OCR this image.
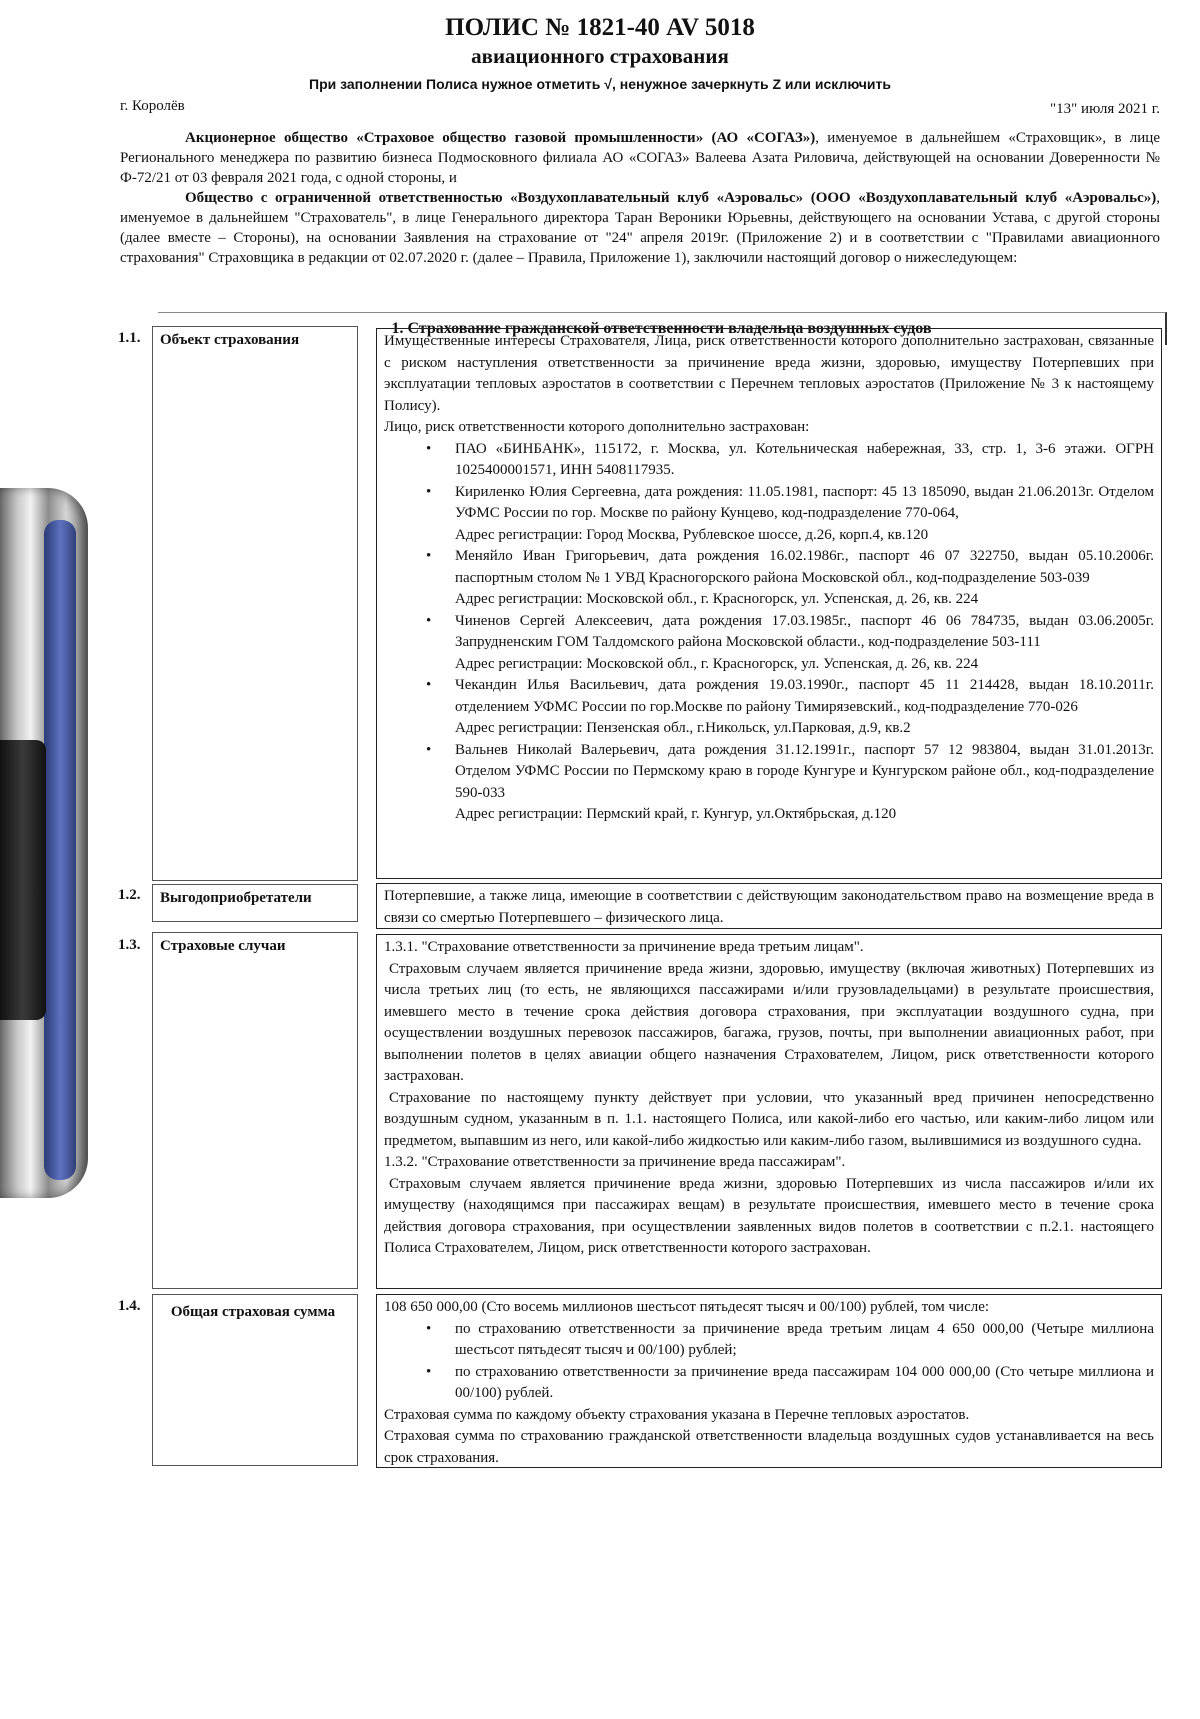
ПОЛИС № 1821-40 AV 5018
авиационного страхования
При заполнении Полиса нужное отметить √, ненужное зачеркнуть Z или исключить
г. Королёв	"13" июля 2021 г.

Акционерное общество «Страховое общество газовой промышленности» (АО «СОГАЗ»), именуемое в дальнейшем «Страховщик», в лице Регионального менеджера по развитию бизнеса Подмосковного филиала АО «СОГАЗ» Валеева Азата Риловича, действующей на основании Доверенности № Ф-72/21 от 03 февраля 2021 года, с одной стороны, и

Общество с ограниченной ответственностью «Воздухоплавательный клуб «Аэровальс» (ООО «Воздухоплавательный клуб «Аэровальс»), именуемое в дальнейшем "Страхователь", в лице Генерального директора Таран Вероники Юрьевны, действующего на основании Устава, с другой стороны (далее вместе – Стороны), на основании Заявления на страхование от "24" апреля 2019г. (Приложение 2) и в соответствии с "Правилами авиационного страхования" Страховщика в редакции от 02.07.2020 г. (далее – Правила, Приложение 1), заключили настоящий договор о нижеследующем:

1. Страхование гражданской ответственности владельца воздушных судов
1.1. Объект страхования	Имущественные интересы Страхователя, Лица, риск ответственности которого дополнительно застрахован, связанные с риском наступления ответственности за причинение вреда жизни, здоровью, имуществу Потерпевших при эксплуатации тепловых аэростатов в соответствии с Перечнем тепловых аэростатов (Приложение № 3 к настоящему Полису).

Лицо, риск ответственности которого дополнительно застрахован:

• ПАО «БИНБАНК», 115172, г. Москва, ул. Котельническая набережная, 33, стр. 1, 3-6 этажи. ОГРН 1025400001571, ИНН 5408117935.
• Кириленко Юлия Сергеевна, дата рождения: 11.05.1981, паспорт: 45 13 185090, выдан 21.06.2013г. Отделом УФМС России по гор. Москве по району Кунцево, код-подразделение 770-064,
Адрес регистрации: Город Москва, Рублевское шоссе, д.26, корп.4, кв.120
• Меняйло Иван Григорьевич, дата рождения 16.02.1986г., паспорт 46 07 322750, выдан 05.10.2006г. паспортным столом № 1 УВД Красногорского района Московской обл., код-подразделение 503-039
Адрес регистрации: Московской обл., г. Красногорск, ул. Успенская, д. 26, кв. 224
• Чиненов Сергей Алексеевич, дата рождения 17.03.1985г., паспорт 46 06 784735, выдан 03.06.2005г. Запрудненским ГОМ Талдомского района Московской области., код-подразделение 503-111
Адрес регистрации: Московской обл., г. Красногорск, ул. Успенская, д. 26, кв. 224
• Чекандин Илья Васильевич, дата рождения 19.03.1990г., паспорт 45 11 214428, выдан 18.10.2011г. отделением УФМС России по гор.Москве по району Тимирязевский., код-подразделение 770-026
Адрес регистрации: Пензенская обл., г.Никольск, ул.Парковая, д.9, кв.2
• Вальнев Николай Валерьевич, дата рождения 31.12.1991г., паспорт 57 12 983804, выдан 31.01.2013г. Отделом УФМС России по Пермскому краю в городе Кунгуре и Кунгурском районе обл., код-подразделение 590-033
Адрес регистрации: Пермский край, г. Кунгур, ул.Октябрьская, д.120
1.2. Выгодоприобретатели	Потерпевшие, а также лица, имеющие в соответствии с действующим законодательством право на возмещение вреда в связи со смертью Потерпевшего – физического лица.

1.3. Страховые случаи	1.3.1. "Страхование ответственности за причинение вреда третьим лицам".

Страховым случаем является причинение вреда жизни, здоровью, имуществу (включая животных) Потерпевших из числа третьих лиц (то есть, не являющихся пассажирами и/или грузовладельцами) в результате происшествия, имевшего место в течение срока действия договора страхования, при эксплуатации воздушного судна, при осуществлении воздушных перевозок пассажиров, багажа, грузов, почты, при выполнении авиационных работ, при выполнении полетов в целях авиации общего назначения Страхователем, Лицом, риск ответственности которого застрахован.

Страхование по настоящему пункту действует при условии, что указанный вред причинен непосредственно воздушным судном, указанным в п. 1.1. настоящего Полиса, или какой-либо его частью, или каким-либо лицом или предметом, выпавшим из него, или какой-либо жидкостью или каким-либо газом, вылившимися из воздушного судна.

1.3.2. "Страхование ответственности за причинение вреда пассажирам".

Страховым случаем является причинение вреда жизни, здоровью Потерпевших из числа пассажиров и/или их имуществу (находящимся при пассажирах вещам) в результате происшествия, имевшего место в течение срока действия договора страхования, при осуществлении заявленных видов полетов в соответствии с п.2.1. настоящего Полиса Страхователем, Лицом, риск ответственности которого застрахован.

1.4. Общая страховая сумма	108 650 000,00 (Сто восемь миллионов шестьсот пятьдесят тысяч и 00/100) рублей, том числе:

• по страхованию ответственности за причинение вреда третьим лицам 4 650 000,00 (Четыре миллиона шестьсот пятьдесят тысяч и 00/100) рублей;
• по страхованию ответственности за причинение вреда пассажирам 104 000 000,00 (Сто четыре миллиона и 00/100) рублей.

Страховая сумма по каждому объекту страхования указана в Перечне тепловых аэростатов.

Страховая сумма по страхованию гражданской ответственности владельца воздушных судов устанавливается на весь срок страхования.
